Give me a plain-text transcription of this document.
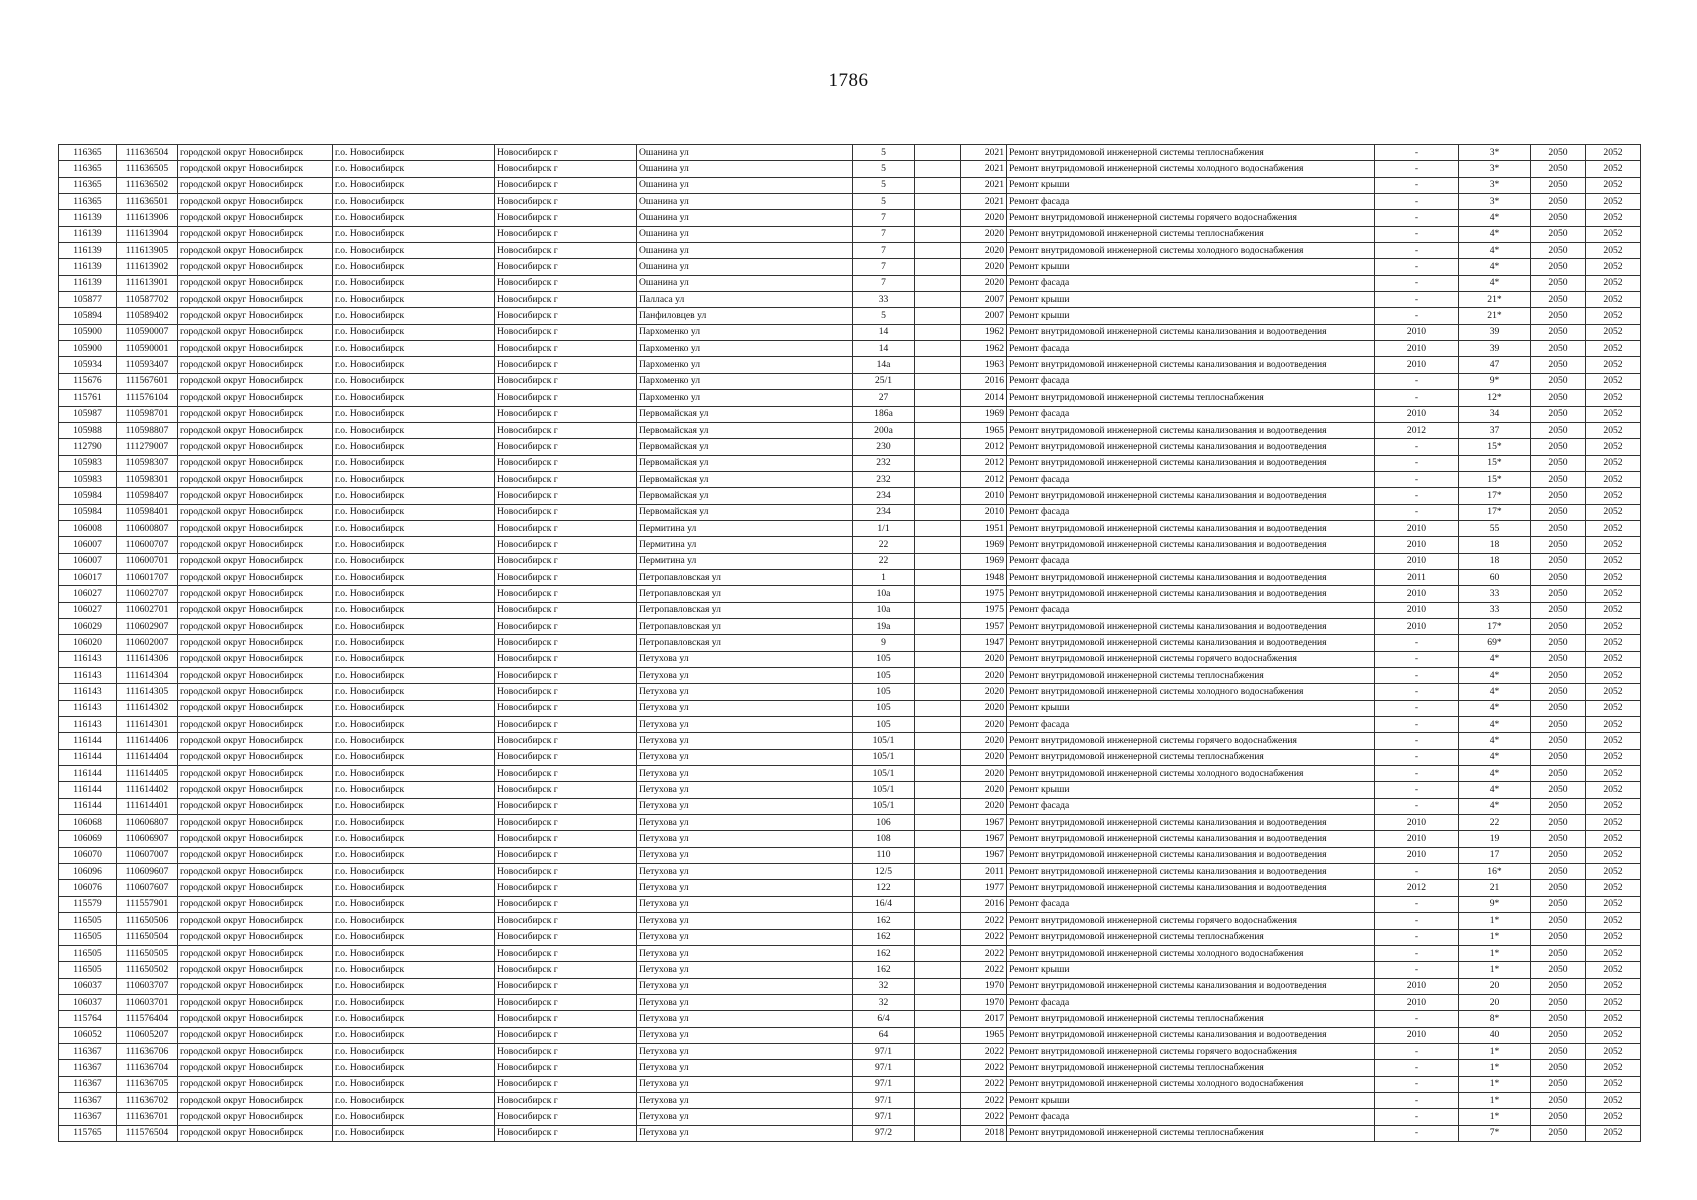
1786
116365	111636504	городской округ Новосибирск	г.о. Новосибирск	Новосибирск г	Ошанина ул	5		2021	Ремонт внутридомовой инженерной системы теплоснабжения	-	3*	2050	2052
116365	111636505	городской округ Новосибирск	г.о. Новосибирск	Новосибирск г	Ошанина ул	5		2021	Ремонт внутридомовой инженерной системы холодного водоснабжения	-	3*	2050	2052
116365	111636502	городской округ Новосибирск	г.о. Новосибирск	Новосибирск г	Ошанина ул	5		2021	Ремонт крыши	-	3*	2050	2052
116365	111636501	городской округ Новосибирск	г.о. Новосибирск	Новосибирск г	Ошанина ул	5		2021	Ремонт фасада	-	3*	2050	2052
116139	111613906	городской округ Новосибирск	г.о. Новосибирск	Новосибирск г	Ошанина ул	7		2020	Ремонт внутридомовой инженерной системы горячего водоснабжения	-	4*	2050	2052
116139	111613904	городской округ Новосибирск	г.о. Новосибирск	Новосибирск г	Ошанина ул	7		2020	Ремонт внутридомовой инженерной системы теплоснабжения	-	4*	2050	2052
116139	111613905	городской округ Новосибирск	г.о. Новосибирск	Новосибирск г	Ошанина ул	7		2020	Ремонт внутридомовой инженерной системы холодного водоснабжения	-	4*	2050	2052
116139	111613902	городской округ Новосибирск	г.о. Новосибирск	Новосибирск г	Ошанина ул	7		2020	Ремонт крыши	-	4*	2050	2052
116139	111613901	городской округ Новосибирск	г.о. Новосибирск	Новосибирск г	Ошанина ул	7		2020	Ремонт фасада	-	4*	2050	2052
105877	110587702	городской округ Новосибирск	г.о. Новосибирск	Новосибирск г	Палласа ул	33		2007	Ремонт крыши	-	21*	2050	2052
105894	110589402	городской округ Новосибирск	г.о. Новосибирск	Новосибирск г	Панфиловцев ул	5		2007	Ремонт крыши	-	21*	2050	2052
105900	110590007	городской округ Новосибирск	г.о. Новосибирск	Новосибирск г	Пархоменко ул	14		1962	Ремонт внутридомовой инженерной системы канализования и водоотведения	2010	39	2050	2052
105900	110590001	городской округ Новосибирск	г.о. Новосибирск	Новосибирск г	Пархоменко ул	14		1962	Ремонт фасада	2010	39	2050	2052
105934	110593407	городской округ Новосибирск	г.о. Новосибирск	Новосибирск г	Пархоменко ул	14а		1963	Ремонт внутридомовой инженерной системы канализования и водоотведения	2010	47	2050	2052
115676	111567601	городской округ Новосибирск	г.о. Новосибирск	Новосибирск г	Пархоменко ул	25/1		2016	Ремонт фасада	-	9*	2050	2052
115761	111576104	городской округ Новосибирск	г.о. Новосибирск	Новосибирск г	Пархоменко ул	27		2014	Ремонт внутридомовой инженерной системы теплоснабжения	-	12*	2050	2052
105987	110598701	городской округ Новосибирск	г.о. Новосибирск	Новосибирск г	Первомайская ул	186а		1969	Ремонт фасада	2010	34	2050	2052
105988	110598807	городской округ Новосибирск	г.о. Новосибирск	Новосибирск г	Первомайская ул	200а		1965	Ремонт внутридомовой инженерной системы канализования и водоотведения	2012	37	2050	2052
112790	111279007	городской округ Новосибирск	г.о. Новосибирск	Новосибирск г	Первомайская ул	230		2012	Ремонт внутридомовой инженерной системы канализования и водоотведения	-	15*	2050	2052
105983	110598307	городской округ Новосибирск	г.о. Новосибирск	Новосибирск г	Первомайская ул	232		2012	Ремонт внутридомовой инженерной системы канализования и водоотведения	-	15*	2050	2052
105983	110598301	городской округ Новосибирск	г.о. Новосибирск	Новосибирск г	Первомайская ул	232		2012	Ремонт фасада	-	15*	2050	2052
105984	110598407	городской округ Новосибирск	г.о. Новосибирск	Новосибирск г	Первомайская ул	234		2010	Ремонт внутридомовой инженерной системы канализования и водоотведения	-	17*	2050	2052
105984	110598401	городской округ Новосибирск	г.о. Новосибирск	Новосибирск г	Первомайская ул	234		2010	Ремонт фасада	-	17*	2050	2052
106008	110600807	городской округ Новосибирск	г.о. Новосибирск	Новосибирск г	Пермитина ул	1/1		1951	Ремонт внутридомовой инженерной системы канализования и водоотведения	2010	55	2050	2052
106007	110600707	городской округ Новосибирск	г.о. Новосибирск	Новосибирск г	Пермитина ул	22		1969	Ремонт внутридомовой инженерной системы канализования и водоотведения	2010	18	2050	2052
106007	110600701	городской округ Новосибирск	г.о. Новосибирск	Новосибирск г	Пермитина ул	22		1969	Ремонт фасада	2010	18	2050	2052
106017	110601707	городской округ Новосибирск	г.о. Новосибирск	Новосибирск г	Петропавловская ул	1		1948	Ремонт внутридомовой инженерной системы канализования и водоотведения	2011	60	2050	2052
106027	110602707	городской округ Новосибирск	г.о. Новосибирск	Новосибирск г	Петропавловская ул	10а		1975	Ремонт внутридомовой инженерной системы канализования и водоотведения	2010	33	2050	2052
106027	110602701	городской округ Новосибирск	г.о. Новосибирск	Новосибирск г	Петропавловская ул	10а		1975	Ремонт фасада	2010	33	2050	2052
106029	110602907	городской округ Новосибирск	г.о. Новосибирск	Новосибирск г	Петропавловская ул	19а		1957	Ремонт внутридомовой инженерной системы канализования и водоотведения	2010	17*	2050	2052
106020	110602007	городской округ Новосибирск	г.о. Новосибирск	Новосибирск г	Петропавловская ул	9		1947	Ремонт внутридомовой инженерной системы канализования и водоотведения	-	69*	2050	2052
116143	111614306	городской округ Новосибирск	г.о. Новосибирск	Новосибирск г	Петухова ул	105		2020	Ремонт внутридомовой инженерной системы горячего водоснабжения	-	4*	2050	2052
116143	111614304	городской округ Новосибирск	г.о. Новосибирск	Новосибирск г	Петухова ул	105		2020	Ремонт внутридомовой инженерной системы теплоснабжения	-	4*	2050	2052
116143	111614305	городской округ Новосибирск	г.о. Новосибирск	Новосибирск г	Петухова ул	105		2020	Ремонт внутридомовой инженерной системы холодного водоснабжения	-	4*	2050	2052
116143	111614302	городской округ Новосибирск	г.о. Новосибирск	Новосибирск г	Петухова ул	105		2020	Ремонт крыши	-	4*	2050	2052
116143	111614301	городской округ Новосибирск	г.о. Новосибирск	Новосибирск г	Петухова ул	105		2020	Ремонт фасада	-	4*	2050	2052
116144	111614406	городской округ Новосибирск	г.о. Новосибирск	Новосибирск г	Петухова ул	105/1		2020	Ремонт внутридомовой инженерной системы горячего водоснабжения	-	4*	2050	2052
116144	111614404	городской округ Новосибирск	г.о. Новосибирск	Новосибирск г	Петухова ул	105/1		2020	Ремонт внутридомовой инженерной системы теплоснабжения	-	4*	2050	2052
116144	111614405	городской округ Новосибирск	г.о. Новосибирск	Новосибирск г	Петухова ул	105/1		2020	Ремонт внутридомовой инженерной системы холодного водоснабжения	-	4*	2050	2052
116144	111614402	городской округ Новосибирск	г.о. Новосибирск	Новосибирск г	Петухова ул	105/1		2020	Ремонт крыши	-	4*	2050	2052
116144	111614401	городской округ Новосибирск	г.о. Новосибирск	Новосибирск г	Петухова ул	105/1		2020	Ремонт фасада	-	4*	2050	2052
106068	110606807	городской округ Новосибирск	г.о. Новосибирск	Новосибирск г	Петухова ул	106		1967	Ремонт внутридомовой инженерной системы канализования и водоотведения	2010	22	2050	2052
106069	110606907	городской округ Новосибирск	г.о. Новосибирск	Новосибирск г	Петухова ул	108		1967	Ремонт внутридомовой инженерной системы канализования и водоотведения	2010	19	2050	2052
106070	110607007	городской округ Новосибирск	г.о. Новосибирск	Новосибирск г	Петухова ул	110		1967	Ремонт внутридомовой инженерной системы канализования и водоотведения	2010	17	2050	2052
106096	110609607	городской округ Новосибирск	г.о. Новосибирск	Новосибирск г	Петухова ул	12/5		2011	Ремонт внутридомовой инженерной системы канализования и водоотведения	-	16*	2050	2052
106076	110607607	городской округ Новосибирск	г.о. Новосибирск	Новосибирск г	Петухова ул	122		1977	Ремонт внутридомовой инженерной системы канализования и водоотведения	2012	21	2050	2052
115579	111557901	городской округ Новосибирск	г.о. Новосибирск	Новосибирск г	Петухова ул	16/4		2016	Ремонт фасада	-	9*	2050	2052
116505	111650506	городской округ Новосибирск	г.о. Новосибирск	Новосибирск г	Петухова ул	162		2022	Ремонт внутридомовой инженерной системы горячего водоснабжения	-	1*	2050	2052
116505	111650504	городской округ Новосибирск	г.о. Новосибирск	Новосибирск г	Петухова ул	162		2022	Ремонт внутридомовой инженерной системы теплоснабжения	-	1*	2050	2052
116505	111650505	городской округ Новосибирск	г.о. Новосибирск	Новосибирск г	Петухова ул	162		2022	Ремонт внутридомовой инженерной системы холодного водоснабжения	-	1*	2050	2052
116505	111650502	городской округ Новосибирск	г.о. Новосибирск	Новосибирск г	Петухова ул	162		2022	Ремонт крыши	-	1*	2050	2052
106037	110603707	городской округ Новосибирск	г.о. Новосибирск	Новосибирск г	Петухова ул	32		1970	Ремонт внутридомовой инженерной системы канализования и водоотведения	2010	20	2050	2052
106037	110603701	городской округ Новосибирск	г.о. Новосибирск	Новосибирск г	Петухова ул	32		1970	Ремонт фасада	2010	20	2050	2052
115764	111576404	городской округ Новосибирск	г.о. Новосибирск	Новосибирск г	Петухова ул	6/4		2017	Ремонт внутридомовой инженерной системы теплоснабжения	-	8*	2050	2052
106052	110605207	городской округ Новосибирск	г.о. Новосибирск	Новосибирск г	Петухова ул	64		1965	Ремонт внутридомовой инженерной системы канализования и водоотведения	2010	40	2050	2052
116367	111636706	городской округ Новосибирск	г.о. Новосибирск	Новосибирск г	Петухова ул	97/1		2022	Ремонт внутридомовой инженерной системы горячего водоснабжения	-	1*	2050	2052
116367	111636704	городской округ Новосибирск	г.о. Новосибирск	Новосибирск г	Петухова ул	97/1		2022	Ремонт внутридомовой инженерной системы теплоснабжения	-	1*	2050	2052
116367	111636705	городской округ Новосибирск	г.о. Новосибирск	Новосибирск г	Петухова ул	97/1		2022	Ремонт внутридомовой инженерной системы холодного водоснабжения	-	1*	2050	2052
116367	111636702	городской округ Новосибирск	г.о. Новосибирск	Новосибирск г	Петухова ул	97/1		2022	Ремонт крыши	-	1*	2050	2052
116367	111636701	городской округ Новосибирск	г.о. Новосибирск	Новосибирск г	Петухова ул	97/1		2022	Ремонт фасада	-	1*	2050	2052
115765	111576504	городской округ Новосибирск	г.о. Новосибирск	Новосибирск г	Петухова ул	97/2		2018	Ремонт внутридомовой инженерной системы теплоснабжения	-	7*	2050	2052
